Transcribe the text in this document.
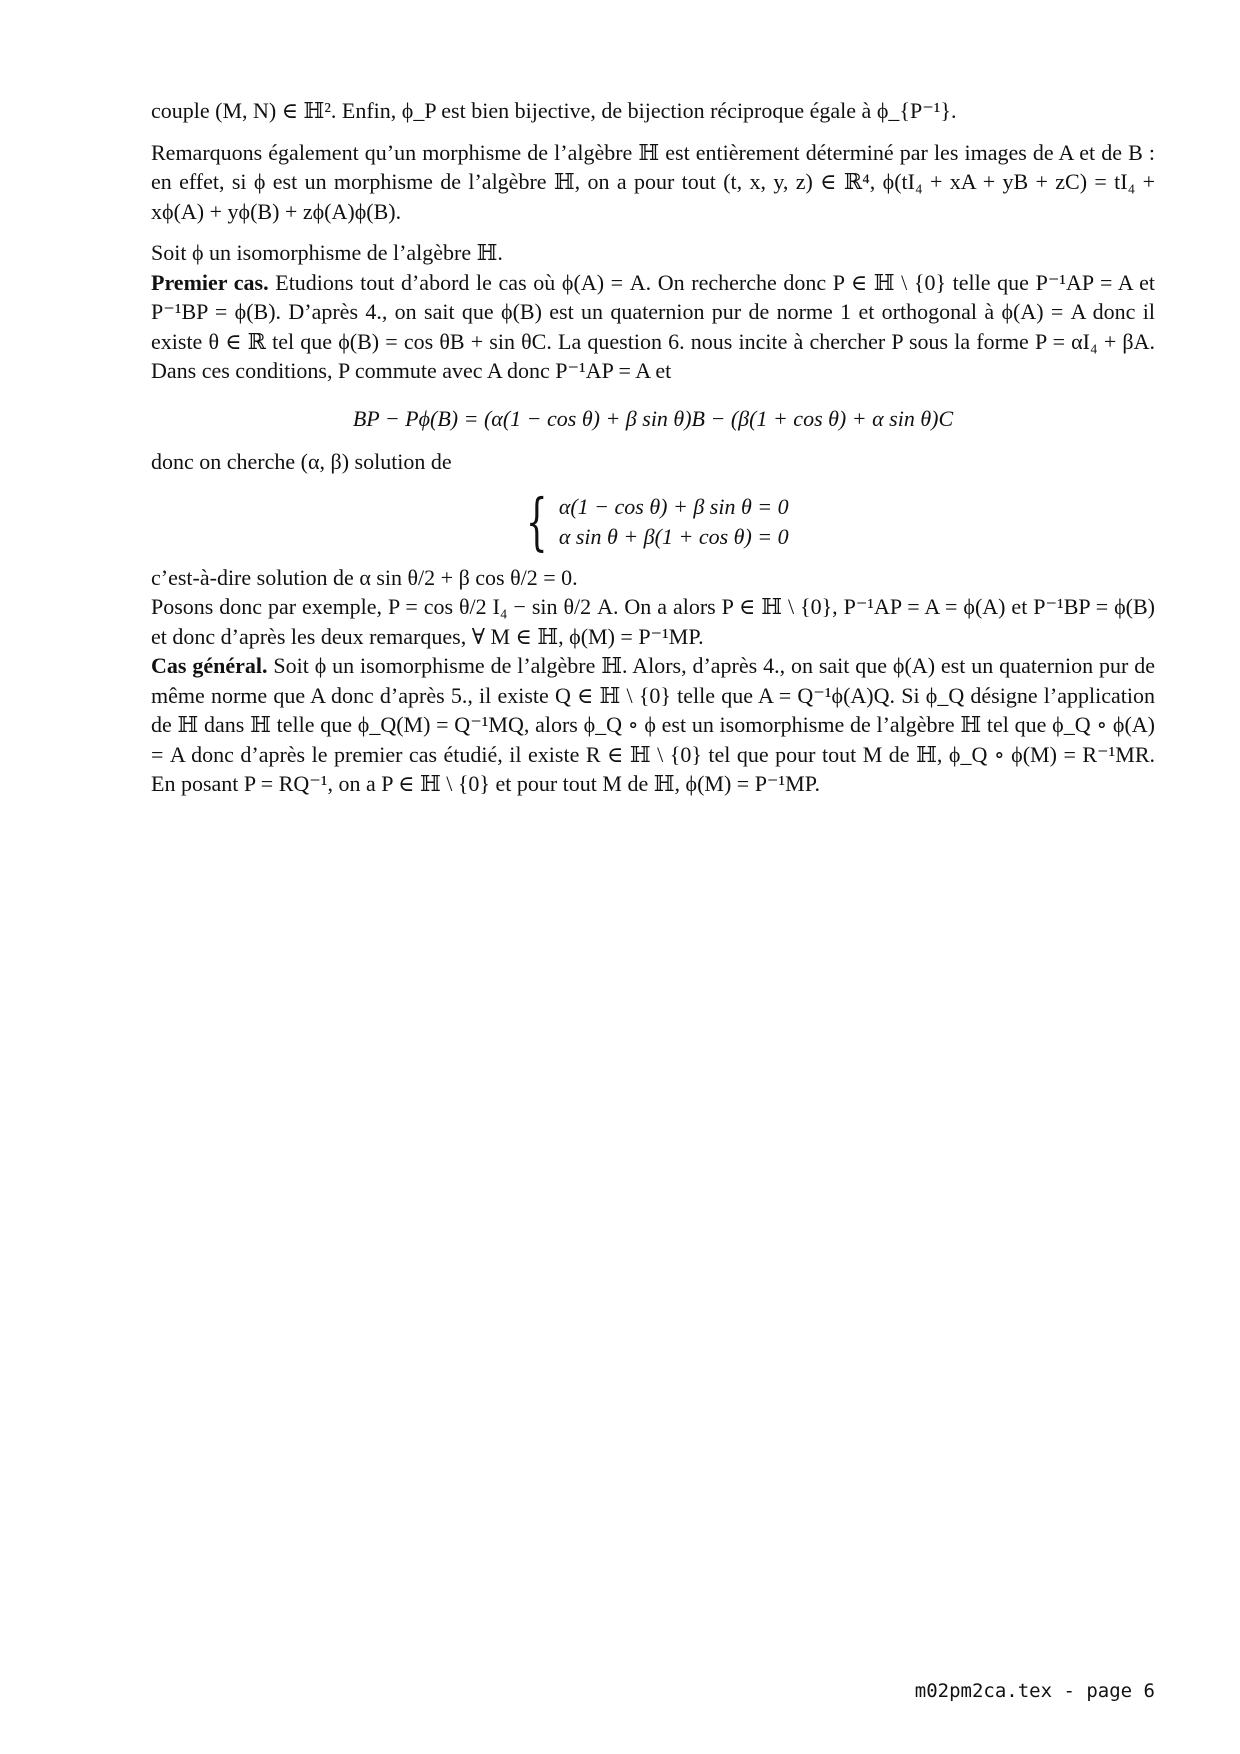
couple (M, N) ∈ ℍ². Enfin, ϕ_P est bien bijective, de bijection réciproque égale à ϕ_{P⁻¹}.

Remarquons également qu’un morphisme de l’algèbre ℍ est entièrement déterminé par les images de A et de B : en effet, si ϕ est un morphisme de l’algèbre ℍ, on a pour tout (t, x, y, z) ∈ ℝ⁴, ϕ(tI₄ + xA + yB + zC) = tI₄ + xϕ(A) + yϕ(B) + zϕ(A)ϕ(B).

Soit ϕ un isomorphisme de l’algèbre ℍ.

Premier cas. Etudions tout d’abord le cas où ϕ(A) = A. On recherche donc P ∈ ℍ \ {0} telle que P⁻¹AP = A et P⁻¹BP = ϕ(B). D’après 4., on sait que ϕ(B) est un quaternion pur de norme 1 et orthogonal à ϕ(A) = A donc il existe θ ∈ ℝ tel que ϕ(B) = cos θB + sin θC. La question 6. nous incite à chercher P sous la forme P = αI₄ + βA. Dans ces conditions, P commute avec A donc P⁻¹AP = A et

BP − Pϕ(B) = (α(1 − cos θ) + β sin θ)B − (β(1 + cos θ) + α sin θ)C

donc on cherche (α, β) solution de

{ α(1 − cos θ) + β sin θ = 0
α sin θ + β(1 + cos θ) = 0

c’est-à-dire solution de α sin θ/2 + β cos θ/2 = 0.

Posons donc par exemple, P = cos θ/2 I₄ − sin θ/2 A. On a alors P ∈ ℍ \ {0}, P⁻¹AP = A = ϕ(A) et P⁻¹BP = ϕ(B) et donc d’après les deux remarques, ∀ M ∈ ℍ, ϕ(M) = P⁻¹MP.

Cas général. Soit ϕ un isomorphisme de l’algèbre ℍ. Alors, d’après 4., on sait que ϕ(A) est un quaternion pur de même norme que A donc d’après 5., il existe Q ∈ ℍ \ {0} telle que A = Q⁻¹ϕ(A)Q. Si ϕ_Q désigne l’application de ℍ dans ℍ telle que ϕ_Q(M) = Q⁻¹MQ, alors ϕ_Q ∘ ϕ est un isomorphisme de l’algèbre ℍ tel que ϕ_Q ∘ ϕ(A) = A donc d’après le premier cas étudié, il existe R ∈ ℍ \ {0} tel que pour tout M de ℍ, ϕ_Q ∘ ϕ(M) = R⁻¹MR. En posant P = RQ⁻¹, on a P ∈ ℍ \ {0} et pour tout M de ℍ, ϕ(M) = P⁻¹MP.

m02pm2ca.tex - page 6
